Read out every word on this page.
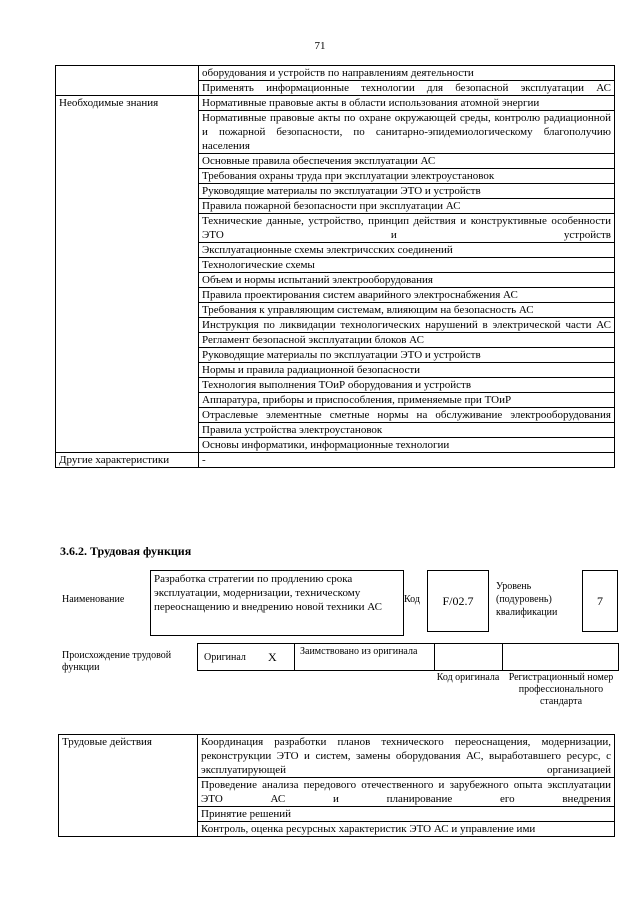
71
	оборудования и устройств по направлениям деятельности
	Применять информационные технологии для безопасной эксплуатации АС
Необходимые знания	Нормативные правовые акты в области использования атомной энергии
	Нормативные правовые акты по охране окружающей среды, контролю радиационной и пожарной безопасности, по санитарно-эпидемиологическому благополучию населения
	Основные правила обеспечения эксплуатации АС
	Требования охраны труда при эксплуатации электроустановок
	Руководящие материалы по эксплуатации ЭТО и устройств
	Правила пожарной безопасности при эксплуатации АС
	Технические данные, устройство, принцип действия и конструктивные особенности ЭТО и устройств
	Эксплуатационные схемы электричсских соединений
	Технологические схемы
	Объем и нормы испытаний электрооборудования
	Правила проектирования систем аварийного электроснабжения АС
	Требования к управляющим системам, влияющим на безопасность АС
	Инструкция по ликвидации технологических нарушений в электрической части АС
	Регламент безопасной эксплуатации блоков АС
	Руководящие материалы по эксплуатации ЭТО и устройств
	Нормы и правила радиационной безопасности
	Технология выполнения ТОиР оборудования и устройств
	Аппаратура, приборы и приспособления, применяемые при ТОиР
	Отраслевые элементные сметные нормы на обслуживание электрооборудования
	Правила устройства электроустановок
	Основы информатики, информационные технологии
Другие характеристики	-
3.6.2. Трудовая функция
Наименование
Разработка стратегии по продлению срока эксплуатации, модернизации, техническому переоснащению и внедрению новой техники АС
Код	F/02.7
Уровень (подуровень) квалификации
7
Происхождение трудовой функции
Оригинал X Заимствовано из оригинала
Код оригинала Регистрационный номер профессионального стандарта
Трудовые действия	Координация разработки планов технического переоснащения, модернизации, реконструкции ЭТО и систем, замены оборудования АС, выработавшего ресурс, с эксплуатирующей организацией
Проведение анализа передового отечественного и зарубежного опыта эксплуатации ЭТО АС и планирование его внедрения
Принятие решений
Контроль, оценка ресурсных характеристик ЭТО АС и управление ими
